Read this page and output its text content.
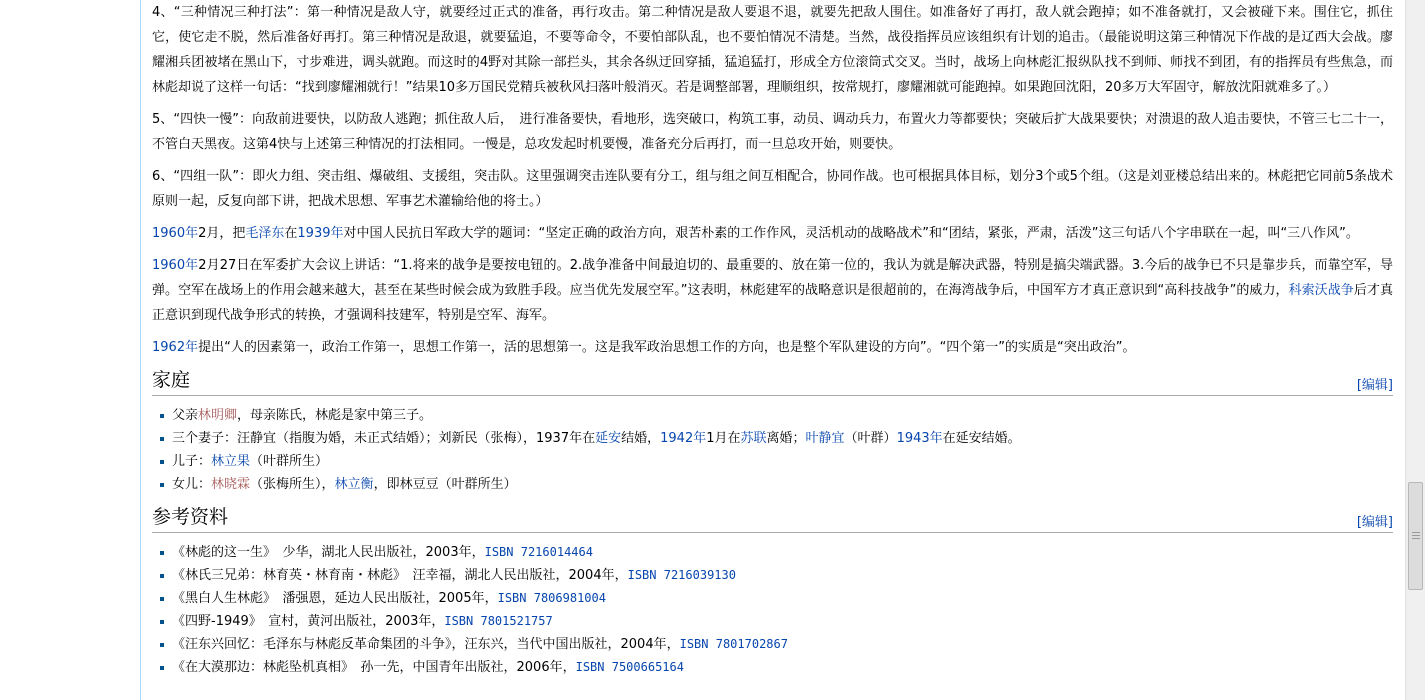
4、“三种情况三种打法”：第一种情况是敌人守，就要经过正式的准备，再行攻击。第二种情况是敌人要退不退，就要先把敌人围住。如准备好了再打，敌人就会跑掉；如不准备就打，又会被碰下来。围住它，抓住它，使它走不脱，然后准备好再打。第三种情况是敌退，就要猛追，不要等命令，不要怕部队乱，也不要怕情况不清楚。当然，战役指挥员应该组织有计划的追击。（最能说明这第三种情况下作战的是辽西大会战。廖耀湘兵团被堵在黑山下，寸步难进，调头就跑。而这时的4野对其除一部拦头，其余各纵迂回穿插，猛追猛打，形成全方位滚筒式交叉。当时，战场上向林彪汇报纵队找不到师、师找不到团，有的指挥员有些焦急，而林彪却说了这样一句话：“找到廖耀湘就行！”结果10多万国民党精兵被秋风扫落叶般消灭。若是调整部署，理顺组织，按常规打，廖耀湘就可能跑掉。如果跑回沈阳，20多万大军固守，解放沈阳就难多了。）

5、“四快一慢”：向敌前进要快，以防敌人逃跑；抓住敌人后，　进行准备要快，看地形，选突破口，构筑工事，动员、调动兵力，布置火力等都要快；突破后扩大战果要快；对溃退的敌人追击要快，不管三七二十一，不管白天黑夜。这第4快与上述第三种情况的打法相同。一慢是，总攻发起时机要慢，准备充分后再打，而一旦总攻开始，则要快。

6、“四组一队”：即火力组、突击组、爆破组、支援组，突击队。这里强调突击连队要有分工，组与组之间互相配合，协同作战。也可根据具体目标，划分3个或5个组。（这是刘亚楼总结出来的。林彪把它同前5条战术原则一起，反复向部下讲，把战术思想、军事艺术灌输给他的将士。）

1960年2月，把毛泽东在1939年对中国人民抗日军政大学的题词：“坚定正确的政治方向，艰苦朴素的工作作风，灵活机动的战略战术”和“团结，紧张，严肃，活泼”这三句话八个字串联在一起，叫“三八作风”。

1960年2月27日在军委扩大会议上讲话：“1.将来的战争是要按电钮的。2.战争准备中间最迫切的、最重要的、放在第一位的，我认为就是解决武器，特别是搞尖端武器。3.今后的战争已不只是靠步兵，而靠空军，导弹。空军在战场上的作用会越来越大，甚至在某些时候会成为致胜手段。应当优先发展空军。”这表明，林彪建军的战略意识是很超前的，在海湾战争后，中国军方才真正意识到“高科技战争”的威力，科索沃战争后才真正意识到现代战争形式的转换，才强调科技建军，特别是空军、海军。

1962年提出“人的因素第一，政治工作第一，思想工作第一，活的思想第一。这是我军政治思想工作的方向，也是整个军队建设的方向”。“四个第一”的实质是“突出政治”。

家庭	[编辑]
父亲林明卿，母亲陈氏，林彪是家中第三子。
三个妻子：汪静宜（指腹为婚，未正式结婚）；刘新民（张梅），1937年在延安结婚，1942年1月在苏联离婚；叶静宜（叶群）1943年在延安结婚。
儿子：林立果（叶群所生）
女儿：林晓霖（张梅所生），林立衡，即林豆豆（叶群所生）
参考资料	[编辑]
《林彪的这一生》　少华，湖北人民出版社，2003年，ISBN 7216014464
《林氏三兄弟：林育英・林育南・林彪》　汪幸福，湖北人民出版社，2004年，ISBN 7216039130
《黑白人生林彪》　潘强恩，延边人民出版社，2005年，ISBN 7806981004
《四野-1949》　宣村，黄河出版社，2003年，ISBN 7801521757
《汪东兴回忆：毛泽东与林彪反革命集团的斗争》，汪东兴，当代中国出版社，2004年，ISBN 7801702867
《在大漠那边：林彪坠机真相》　孙一先，中国青年出版社，2006年，ISBN 7500665164
